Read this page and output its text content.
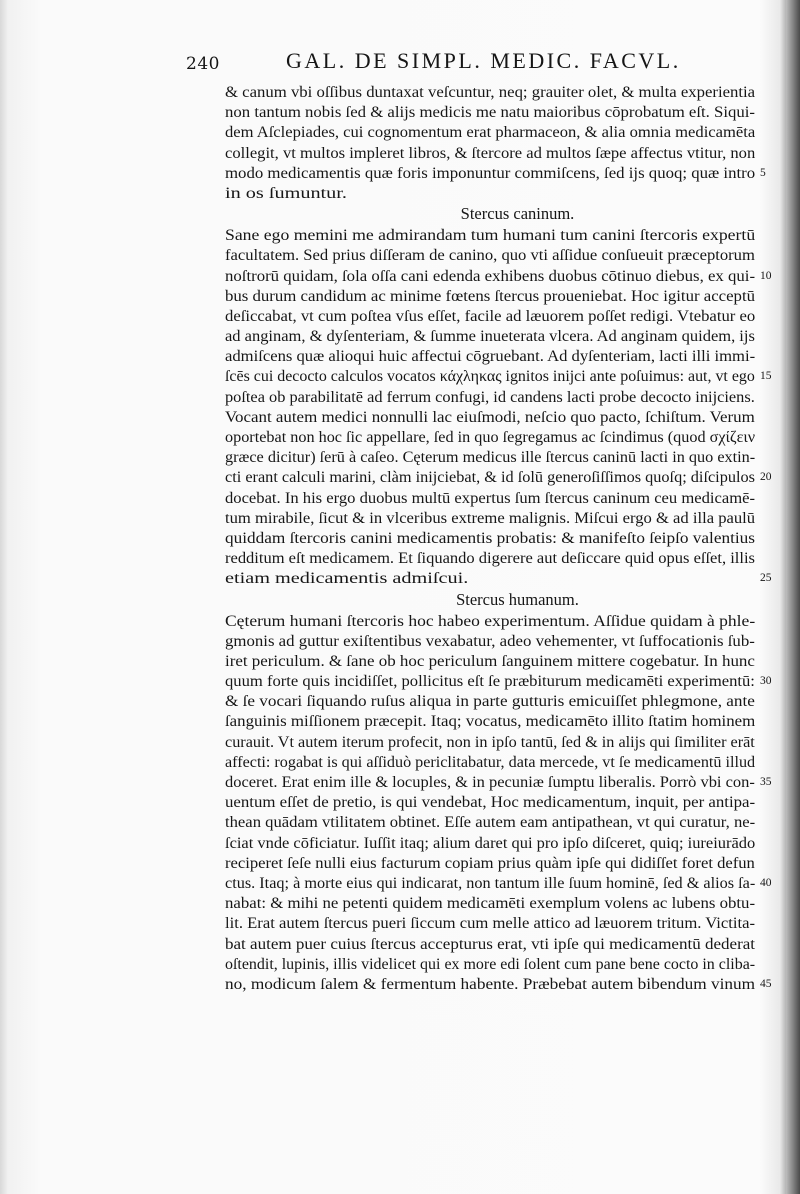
240	GAL. DE SIMPL. MEDIC. FACVL.
& canum vbi oſſibus duntaxat veſcuntur, neq; grauiter olet, & multa experientia
non tantum nobis ſed & alijs medicis me natu maioribus cōprobatum eſt. Siqui-
dem Aſclepiades, cui cognomentum erat pharmaceon, & alia omnia medicamēta
collegit, vt multos impleret libros, & ſtercore ad multos ſæpe affectus vtitur, non
modo medicamentis quæ foris imponuntur commiſcens, ſed ijs quoq; quæ intro 5
in os ſumuntur.
Stercus caninum.
Sane ego memini me admirandam tum humani tum canini ſtercoris expertū
facultatem. Sed prius diſſeram de canino, quo vti aſſidue conſueuit præceptorum
noſtrorū quidam, ſola oſſa cani edenda exhibens duobus cōtinuo diebus, ex qui- 10
bus durum candidum ac minime fœtens ſtercus proueniebat. Hoc igitur acceptū
deſiccabat, vt cum poſtea vſus eſſet, facile ad læuorem poſſet redigi. Vtebatur eo
ad anginam, & dyſenteriam, & ſumme inueterata vlcera. Ad anginam quidem, ijs
admiſcens quæ alioqui huic affectui cōgruebant. Ad dyſenteriam, lacti illi immi-
ſcēs cui decocto calculos vocatos κάχληκας ignitos inijci ante poſuimus: aut, vt ego 15
poſtea ob parabilitatē ad ferrum confugi, id candens lacti probe decocto inijciens.
Vocant autem medici nonnulli lac eiuſmodi, neſcio quo pacto, ſchiſtum. Verum
oportebat non hoc ſic appellare, ſed in quo ſegregamus ac ſcindimus (quod σχίζειν
græce dicitur) ſerū à caſeo. Cęterum medicus ille ſtercus caninū lacti in quo extin-
cti erant calculi marini, clàm inijciebat, & id ſolū generoſiſſimos quoſq; diſcipulos 20
docebat. In his ergo duobus multū expertus ſum ſtercus caninum ceu medicamē-
tum mirabile, ſicut & in vlceribus extreme malignis. Miſcui ergo & ad illa paulū
quiddam ſtercoris canini medicamentis probatis: & manifeſto ſeipſo valentius
redditum eſt medicamem. Et ſiquando digerere aut deſiccare quid opus eſſet, illis
etiam medicamentis admiſcui.	25
Stercus humanum.
Cęterum humani ſtercoris hoc habeo experimentum. Aſſidue quidam à phle-
gmonis ad guttur exiſtentibus vexabatur, adeo vehementer, vt ſuffocationis ſub-
iret periculum. & ſane ob hoc periculum ſanguinem mittere cogebatur. In hunc
quum forte quis incidiſſet, pollicitus eſt ſe præbiturum medicamēti experimentū: 30
& ſe vocari ſiquando ruſus aliqua in parte gutturis emicuiſſet phlegmone, ante
ſanguinis miſſionem præcepit. Itaq; vocatus, medicamēto illito ſtatim hominem
curauit. Vt autem iterum profecit, non in ipſo tantū, ſed & in alijs qui ſimiliter erāt
affecti: rogabat is qui aſſiduò periclitabatur, data mercede, vt ſe medicamentū illud
doceret. Erat enim ille & locuples, & in pecuniæ ſumptu liberalis. Porrò vbi con- 35
uentum eſſet de pretio, is qui vendebat, Hoc medicamentum, inquit, per antipa-
thean quādam vtilitatem obtinet. Eſſe autem eam antipathean, vt qui curatur, ne-
ſciat vnde cōficiatur. Iuſſit itaq; alium daret qui pro ipſo diſceret, quiq; iureiurādo
reciperet ſeſe nulli eius facturum copiam prius quàm ipſe qui didiſſet foret defun
ctus. Itaq; à morte eius qui indicarat, non tantum ille ſuum hominē, ſed & alios ſa- 40
nabat: & mihi ne petenti quidem medicamēti exemplum volens ac lubens obtu-
lit. Erat autem ſtercus pueri ſiccum cum melle attico ad læuorem tritum. Victita-
bat autem puer cuius ſtercus accepturus erat, vti ipſe qui medicamentū dederat
oſtendit, lupinis, illis videlicet qui ex more edi ſolent cum pane bene cocto in cliba-
no, modicum ſalem & fermentum habente. Præbebat autem bibendum vinum 45
